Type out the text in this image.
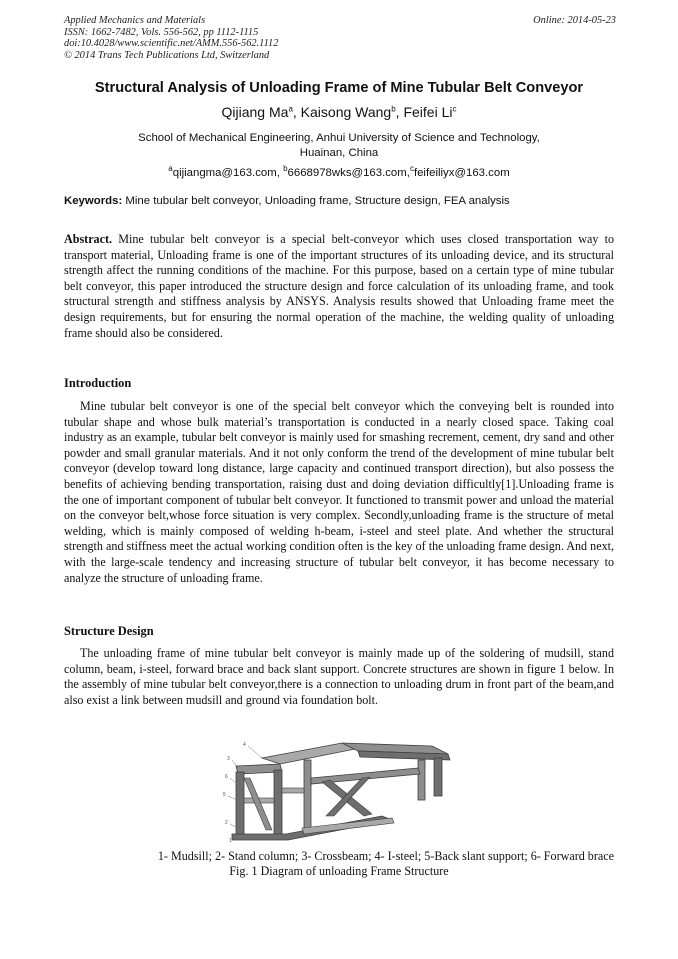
Applied Mechanics and Materials
ISSN: 1662-7482, Vols. 556-562, pp 1112-1115
doi:10.4028/www.scientific.net/AMM.556-562.1112
© 2014 Trans Tech Publications Ltd, Switzerland
Online: 2014-05-23
Structural Analysis of Unloading Frame of Mine Tubular Belt Conveyor
Qijiang Ma$^a$, Kaisong Wang$^b$, Feifei Li$^c$
School of Mechanical Engineering, Anhui University of Science and Technology,
Huainan, China
$^a$qijiangma@163.com, $^b$6668978wks@163.com,$^c$feifeiliyx@163.com
Keywords: Mine tubular belt conveyor, Unloading frame, Structure design, FEA analysis
Abstract. Mine tubular belt conveyor is a special belt-conveyor which uses closed transportation way to transport material, Unloading frame is one of the important structures of its unloading device, and its structural strength affect the running conditions of the machine. For this purpose, based on a certain type of mine tubular belt conveyor, this paper introduced the structure design and force calculation of its unloading frame, and took structural strength and stiffness analysis by ANSYS. Analysis results showed that Unloading frame meet the design requirements, but for ensuring the normal operation of the machine, the welding quality of unloading frame should also be considered.
Introduction
Mine tubular belt conveyor is one of the special belt conveyor which the conveying belt is rounded into tubular shape and whose bulk material’s transportation is conducted in a nearly closed space. Taking coal industry as an example, tubular belt conveyor is mainly used for smashing recrement, cement, dry sand and other powder and small granular materials. And it not only conform the trend of the development of mine tubular belt conveyor (develop toward long distance, large capacity and continued transport direction), but also possess the benefits of achieving bending transportation, raising dust and doing deviation difficultly[1].Unloading frame is the one of important component of tubular belt conveyor. It functioned to transmit power and unload the material on the conveyor belt,whose force situation is very complex. Secondly,unloading frame is the structure of metal welding, which is mainly composed of welding h-beam, i-steel and steel plate. And whether the structural strength and stiffness meet the actual working condition often is the key of the unloading frame design. And next, with the large-scale tendency and increasing structure of tubular belt conveyor, it has become necessary to analyze the structure of unloading frame.
Structure Design
The unloading frame of mine tubular belt conveyor is mainly made up of the soldering of mudsill, stand column, beam, i-steel, forward brace and back slant support. Concrete structures are shown in figure 1 below. In the assembly of mine tubular belt conveyor,there is a connection to unloading drum in front part of the beam,and also exist a link between mudsill and ground via foundation bolt.
4
3
6
5
2
1
1- Mudsill; 2- Stand column; 3- Crossbeam; 4- I-steel; 5-Back slant support; 6- Forward brace
Fig. 1 Diagram of unloading Frame Structure
